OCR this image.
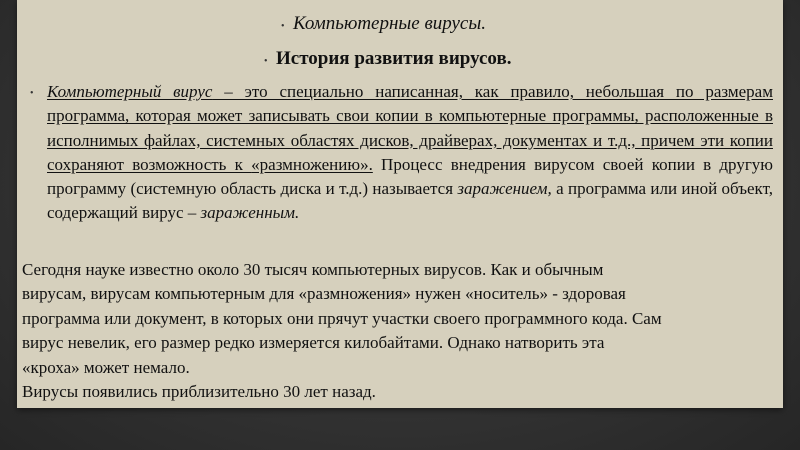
• Компьютерные вирусы.
• История развития вирусов.
• Компьютерный вирус – это специально написанная, как правило, небольшая по размерам программа, которая может записывать свои копии в компьютерные программы, расположенные в исполнимых файлах, системных областях дисков, драйверах, документах и т.д., причем эти копии сохраняют возможность к «размножению». Процесс внедрения вирусом своей копии в другую программу (системную область диска и т.д.) называется заражением, а программа или иной объект, содержащий вирус – зараженным.
Сегодня науке известно около 30 тысяч компьютерных вирусов. Как и обычным
вирусам, вирусам компьютерным для «размножения» нужен «носитель» - здоровая
программа или документ, в которых они прячут участки своего программного кода. Сам
вирус невелик, его размер редко измеряется килобайтами. Однако натворить эта
«кроха» может немало.
Вирусы появились приблизительно 30 лет назад.
